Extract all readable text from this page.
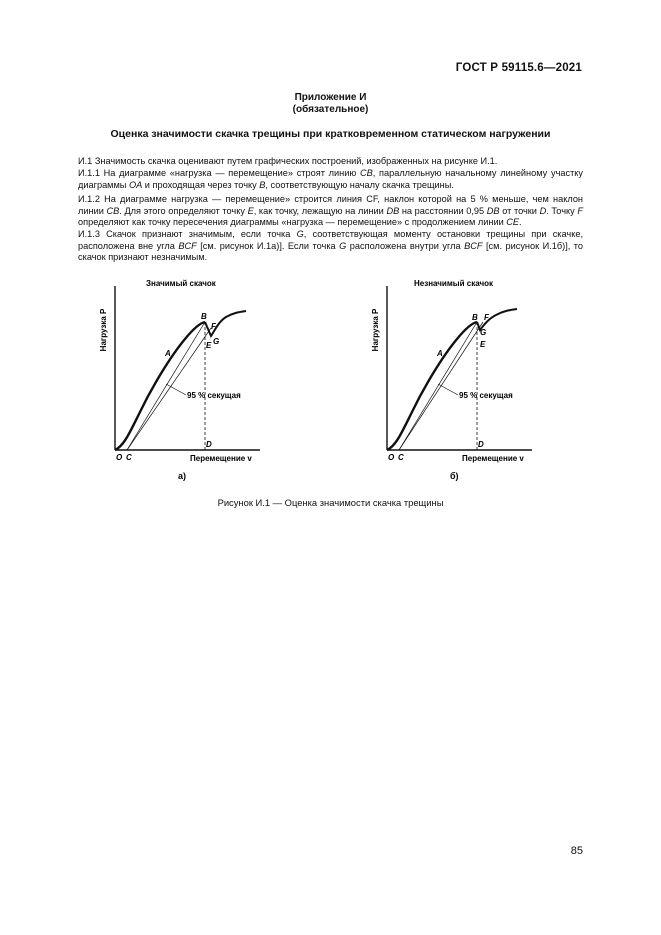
ГОСТ Р 59115.6—2021
Приложение И
(обязательное)
Оценка значимости скачка трещины при кратковременном статическом нагружении

И.1 Значимость скачка оценивают путем графических построений, изображенных на рисунке И.1.

И.1.1 На диаграмме «нагрузка — перемещение» строят линию CB, параллельную начальному линейному участку диаграммы OA и проходящая через точку B, соответствующую началу скачка трещины.

И.1.2 На диаграмме нагрузка — перемещение» строится линия CF, наклон которой на 5 % меньше, чем наклон линии CB. Для этого определяют точку E, как точку, лежащую на линии DB на расстоянии 0,95 DB от точки D. Точку F определяют как точку пересечения диаграммы «нагрузка — перемещение» с продолжением линии CE.

И.1.3 Скачок признают значимым, если точка G, соответствующая моменту остановки трещины при скачке, расположена вне угла BCF [см. рисунок И.1а)]. Если точка G расположена внутри угла BCF [см. рисунок И.1б)], то скачок признают незначимым.

Нагрузка P
Значимый скачок
95 % секущая
O C
A
B
F
E G
D
Перемещение v
а)
Нагрузка P
Незначимый скачок
95 % секущая
O C
A
B F
G
E
D
Перемещение v
б)
Рисунок И.1 — Оценка значимости скачка трещины
85
